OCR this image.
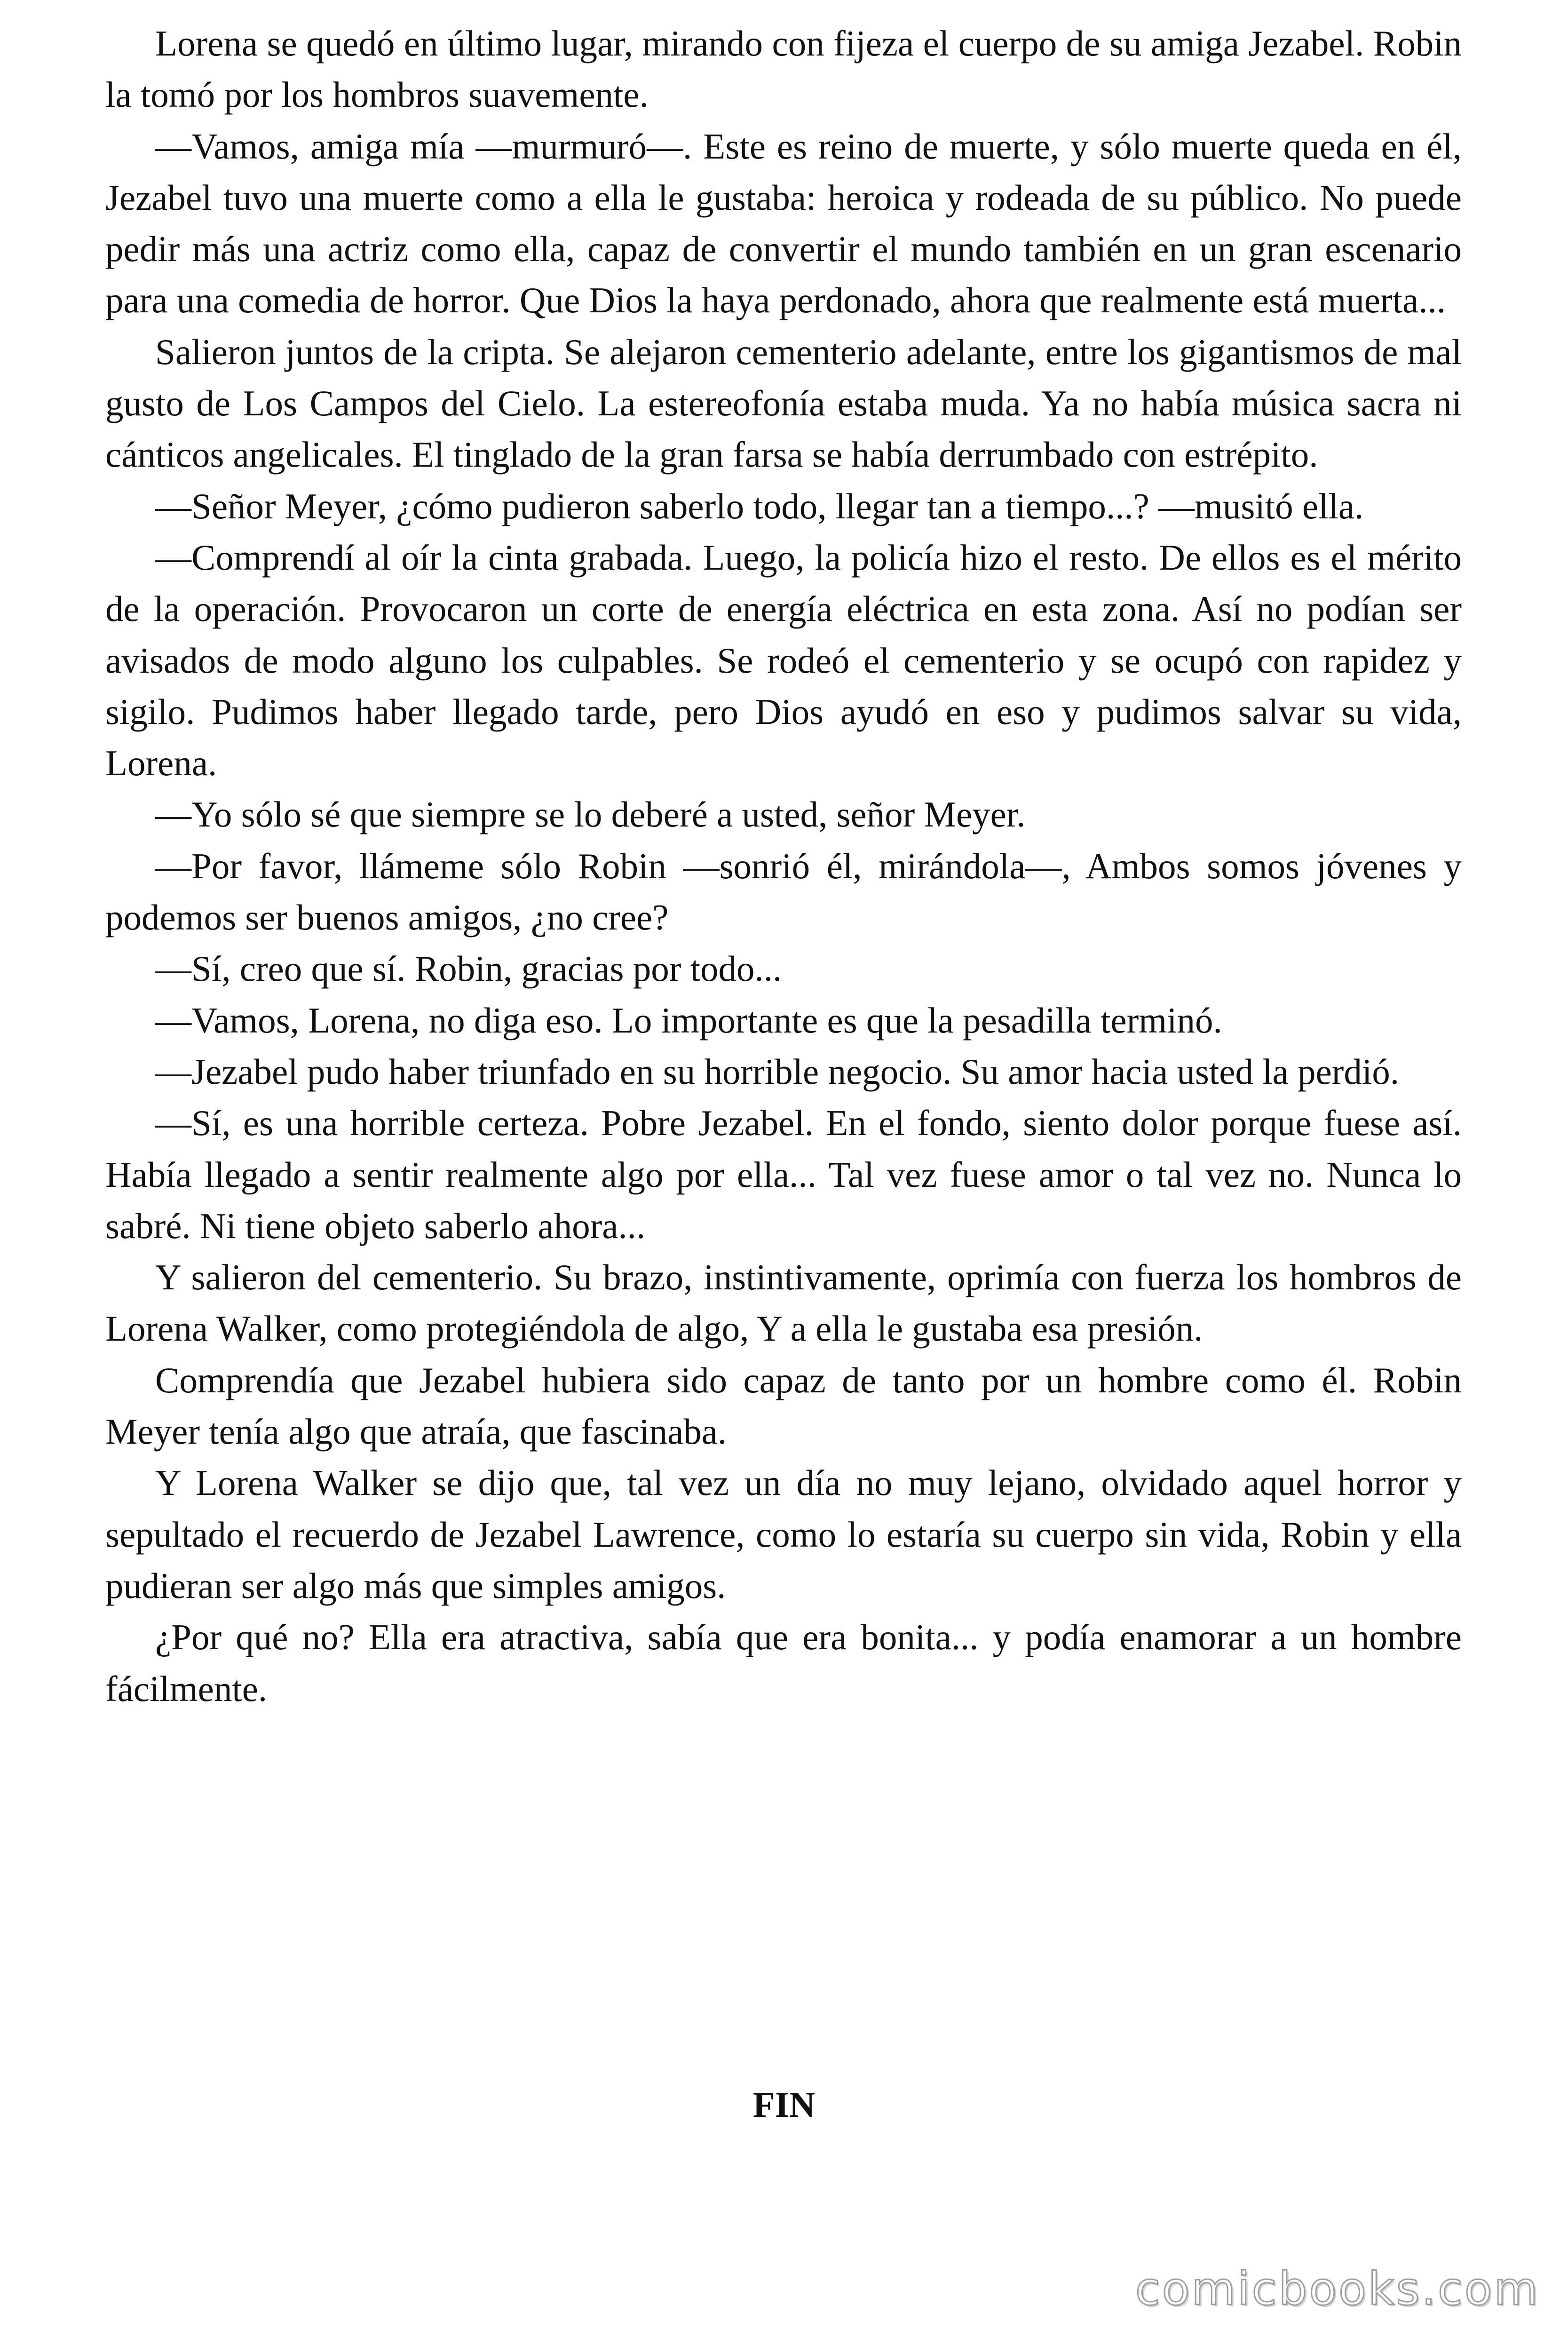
Lorena se quedó en último lugar, mirando con fijeza el cuerpo de su amiga Jezabel. Robin la tomó por los hombros suavemente.

—Vamos, amiga mía —murmuró—. Este es reino de muerte, y sólo muerte queda en él, Jezabel tuvo una muerte como a ella le gustaba: heroica y rodeada de su público. No puede pedir más una actriz como ella, capaz de convertir el mundo también en un gran escenario para una comedia de horror. Que Dios la haya perdonado, ahora que realmente está muerta...

Salieron juntos de la cripta. Se alejaron cementerio adelante, entre los gigantismos de mal gusto de Los Campos del Cielo. La estereofonía estaba muda. Ya no había música sacra ni cánticos angelicales. El tinglado de la gran farsa se había derrumbado con estrépito.

—Señor Meyer, ¿cómo pudieron saberlo todo, llegar tan a tiempo...? —musitó ella.

—Comprendí al oír la cinta grabada. Luego, la policía hizo el resto. De ellos es el mérito de la operación. Provocaron un corte de energía eléctrica en esta zona. Así no podían ser avisados de modo alguno los culpables. Se rodeó el cementerio y se ocupó con rapidez y sigilo. Pudimos haber llegado tarde, pero Dios ayudó en eso y pudimos salvar su vida, Lorena.

—Yo sólo sé que siempre se lo deberé a usted, señor Meyer.

—Por favor, llámeme sólo Robin —sonrió él, mirándola—, Ambos somos jóvenes y podemos ser buenos amigos, ¿no cree?

—Sí, creo que sí. Robin, gracias por todo...

—Vamos, Lorena, no diga eso. Lo importante es que la pesadilla terminó.

—Jezabel pudo haber triunfado en su horrible negocio. Su amor hacia usted la perdió.

—Sí, es una horrible certeza. Pobre Jezabel. En el fondo, siento dolor porque fuese así. Había llegado a sentir realmente algo por ella... Tal vez fuese amor o tal vez no. Nunca lo sabré. Ni tiene objeto saberlo ahora...

Y salieron del cementerio. Su brazo, instintivamente, oprimía con fuerza los hombros de Lorena Walker, como protegiéndola de algo, Y a ella le gustaba esa presión.

Comprendía que Jezabel hubiera sido capaz de tanto por un hombre como él. Robin Meyer tenía algo que atraía, que fascinaba.

Y Lorena Walker se dijo que, tal vez un día no muy lejano, olvidado aquel horror y sepultado el recuerdo de Jezabel Lawrence, como lo estaría su cuerpo sin vida, Robin y ella pudieran ser algo más que simples amigos.

¿Por qué no? Ella era atractiva, sabía que era bonita... y podía enamorar a un hombre fácilmente.

FIN
comicbooks.com
